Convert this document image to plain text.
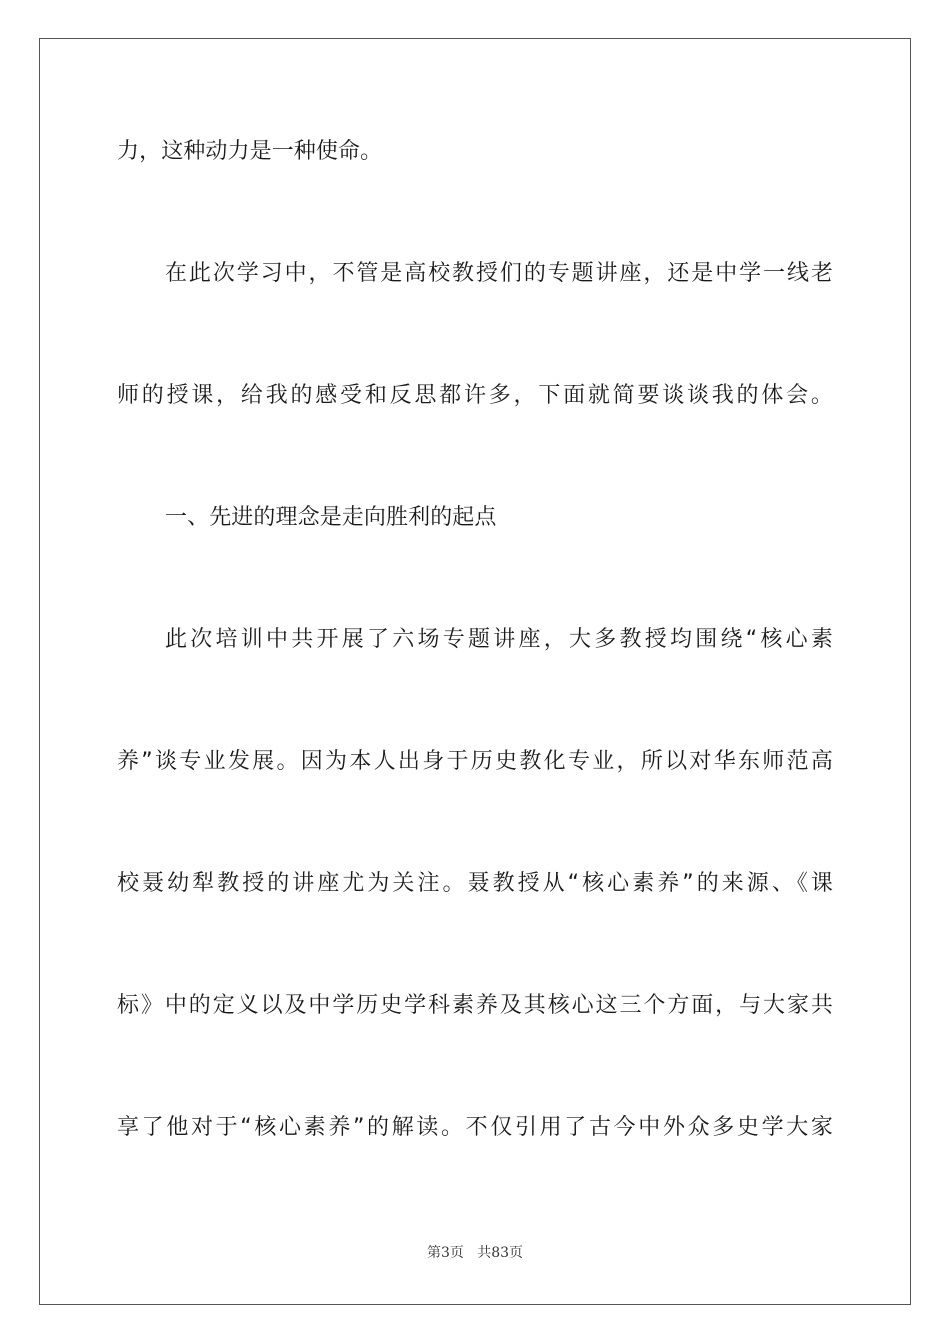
力，这种动力是一种使命。
在此次学习中，不管是高校教授们的专题讲座，还是中学一线老
师的授课，给我的感受和反思都许多，下面就简要谈谈我的体会。
一、先进的理念是走向胜利的起点
此次培训中共开展了六场专题讲座，大多教授均围绕“核心素
养”谈专业发展。因为本人出身于历史教化专业，所以对华东师范高
校聂幼犁教授的讲座尤为关注。聂教授从“核心素养”的来源、《课
标》中的定义以及中学历史学科素养及其核心这三个方面，与大家共
享了他对于“核心素养”的解读。不仅引用了古今中外众多史学大家
第3页   共83页
